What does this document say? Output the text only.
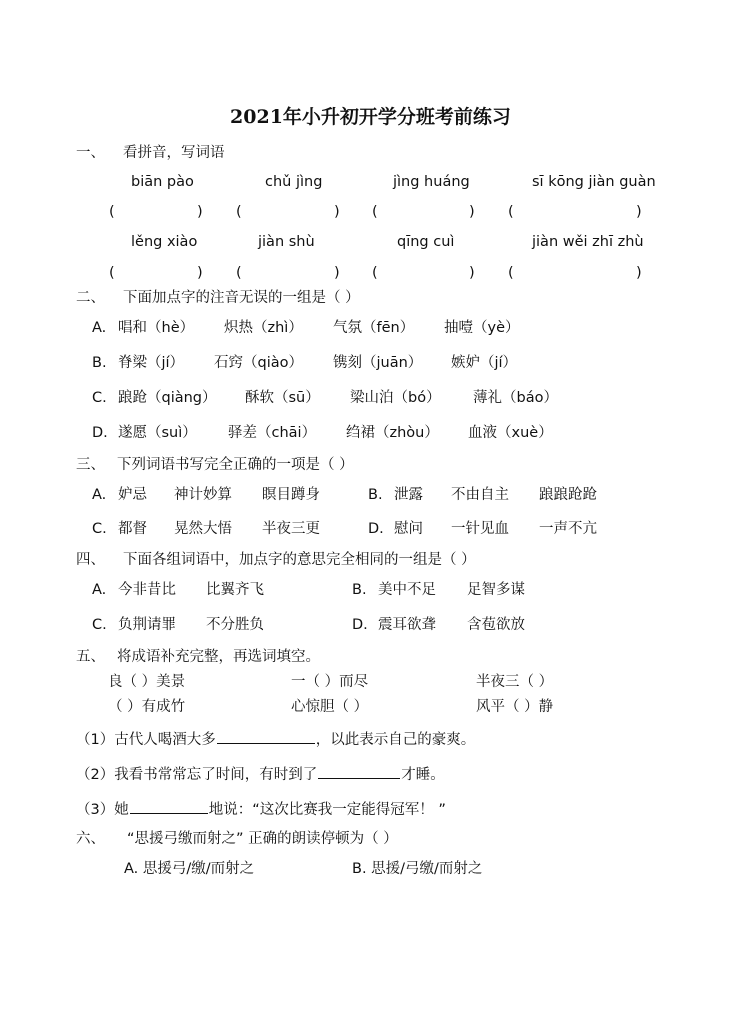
2021年小升初开学分班考前练习
一、 看拼音，写词语
biān pào	chǔ jìng	jìng huáng	sī kōng jiàn guàn
(	) (	) (	) (	)
lěng xiào	jiàn shù	qīng cuì	jiàn wěi zhī zhù
(	) (	) (	) (	)
二、 下面加点字的注音无误的一组是（ ）
A. 唱和（hè） 炽热（zhì） 气氛（fēn） 抽噎（yè）
B. 脊梁（jí） 石窍（qiào） 镌刻（juān） 嫉妒（jí）
C. 踉跄（qiàng） 酥软（sū） 梁山泊（bó） 薄礼（báo）
D. 遂愿（suì） 驿差（chāi） 绉裙（zhòu） 血液（xuè）
三、 下列词语书写完全正确的一项是（ ）
A. 妒忌 神计妙算 瞑目蹲身	B. 泄露 不由自主 踉踉跄跄
C. 都督 晃然大悟 半夜三更	D. 慰问 一针见血 一声不亢
四、 下面各组词语中，加点字的意思完全相同的一组是（ ）
A. 今非昔比 比翼齐飞	B. 美中不足 足智多谋
C. 负荆请罪 不分胜负	D. 震耳欲聋 含苞欲放
五、 将成语补充完整，再选词填空。
良（ ）美景	一（ ）而尽	半夜三（ ）
（ ）有成竹	心惊胆（ ）	风平（ ）静
（1）古代人喝酒大多	，以此表示自己的豪爽。
（2）我看书常常忘了时间，有时到了	才睡。
（3）她	地说：“这次比赛我一定能得冠军！ ”
六、 “思援弓缴而射之” 正确的朗读停顿为（ ）
A. 思援弓/缴/而射之	B. 思援/弓缴/而射之
